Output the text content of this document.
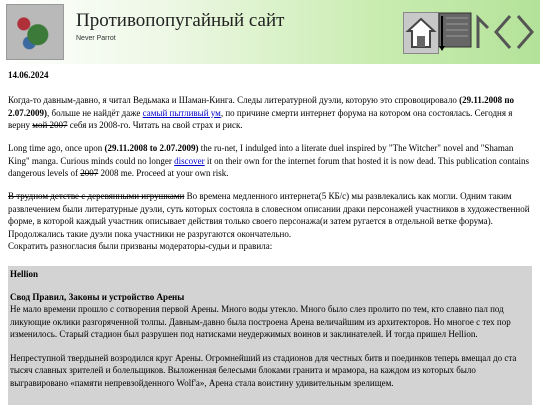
Противопопугайный сайт
Never Parrot
14.06.2024

Когда-то давным-давно, я читал Ведьмака и Шаман-Кинга. Следы литературной дуэли, которую это спровоцировало (29.11.2008 по 2.07.2009), больше не найдёт даже самый пытливый ум, по причине смерти интернет форума на котором она состоялась. Сегодня я верну мой 2007 себя из 2008-го. Читать на свой страх и риск.

Long time ago, once upon (29.11.2008 to 2.07.2009) the ru-net, I indulged into a literate duel inspired by "The Witcher" novel and "Shaman King" manga. Curious minds could no longer discover it on their own for the internet forum that hosted it is now dead. This publication contains dangerous levels of 2007 2008 me. Proceed at your own risk.

В трудном детстве с деревянными игрушками Во времена медленного интернета(5 КБ/с) мы развлекались как могли. Одним таким развлечением были литературные дуэли, суть которых состояла в словесном описании драки персонажей участников в художественной форме, в которой каждый участник описывает действия только своего персонажа(и затем ругается в отдельной ветке форума). Продолжались такие дуэли пока участники не разругаются окончательно.
Сократить разногласия были призваны модераторы-судьи и правила:

Hellion

Свод Правил, Законы и устройство Арены

Не мало времени прошло с сотворения первой Арены. Много воды утекло. Много было слез пролито по тем, кто славно пал под ликующие оклики разгоряченной толпы. Давным-давно была построена Арена величайшим из архитекторов. Но многое с тех пор изменилось. Старый стадион был разрушен под натисками неудержимых воинов и заклинателей. И тогда пришел Hellion.

Непреступной твердыней возродился круг Арены. Огромнейший из стадионов для честных битв и поединков теперь вмещал до ста тысяч славных зрителей и болельщиков. Выложенная белесыми блоками гранита и мрамора, на каждом из которых было выгравировано «памяти непревзойденного Wolf'а», Арена стала воистину удивительным зрелищем.
